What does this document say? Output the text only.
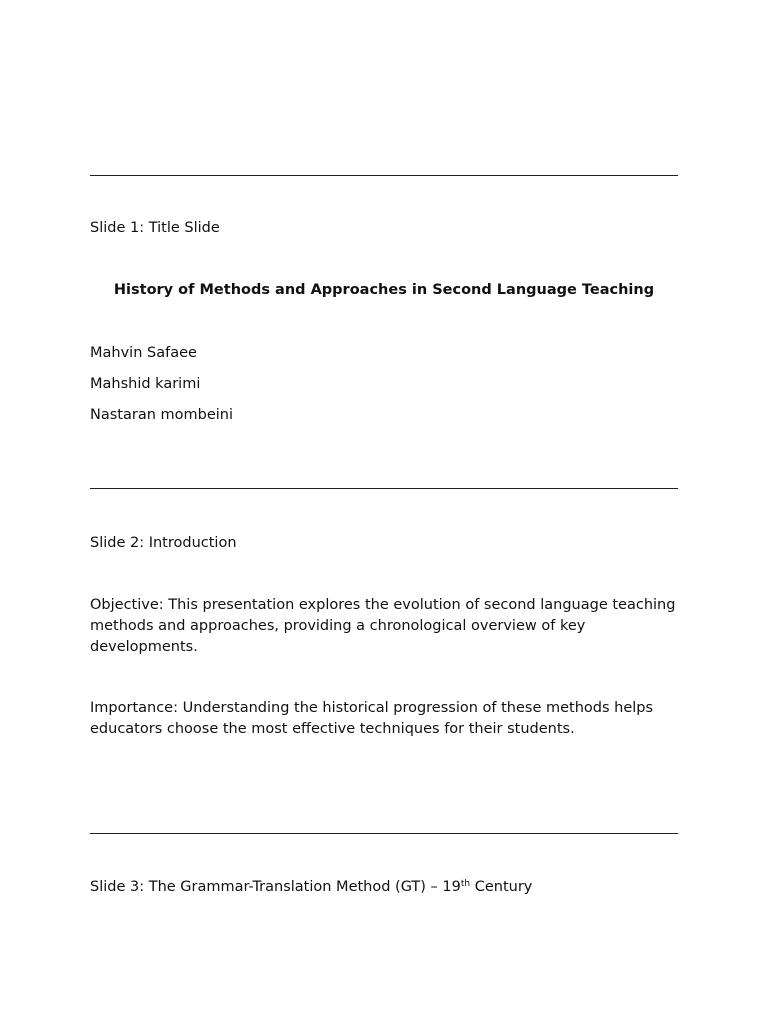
Slide 1: Title Slide
History of Methods and Approaches in Second Language Teaching
Mahvin Safaee
Mahshid karimi
Nastaran mombeini
Slide 2: Introduction
Objective: This presentation explores the evolution of second language teaching methods and approaches, providing a chronological overview of key developments.
Importance: Understanding the historical progression of these methods helps educators choose the most effective techniques for their students.
Slide 3: The Grammar-Translation Method (GT) – 19th Century
